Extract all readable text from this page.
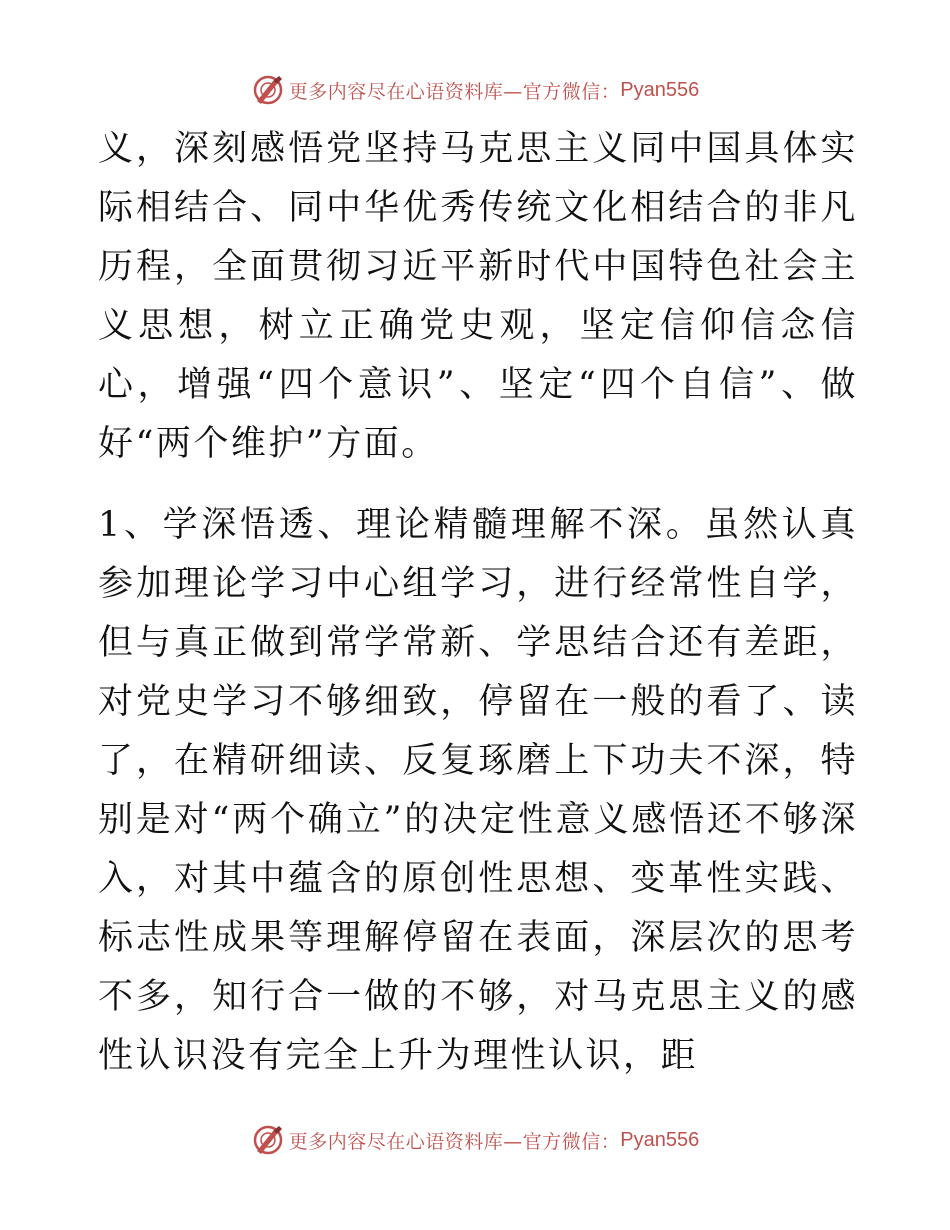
更多内容尽在心语资料库—官方微信： Pyan556

义，深刻感悟党坚持马克思主义同中国具体实际相结合、同中华优秀传统文化相结合的非凡历程，全面贯彻习近平新时代中国特色社会主义思想，树立正确党史观，坚定信仰信念信心，增强“四个意识”、坚定“四个自信”、做好“两个维护”方面。

1、学深悟透、理论精髓理解不深。虽然认真参加理论学习中心组学习，进行经常性自学，但与真正做到常学常新、学思结合还有差距，对党史学习不够细致，停留在一般的看了、读了，在精研细读、反复琢磨上下功夫不深，特别是对“两个确立”的决定性意义感悟还不够深入，对其中蕴含的原创性思想、变革性实践、标志性成果等理解停留在表面，深层次的思考不多，知行合一做的不够，对马克思主义的感性认识没有完全上升为理性认识，距

更多内容尽在心语资料库—官方微信： Pyan556
